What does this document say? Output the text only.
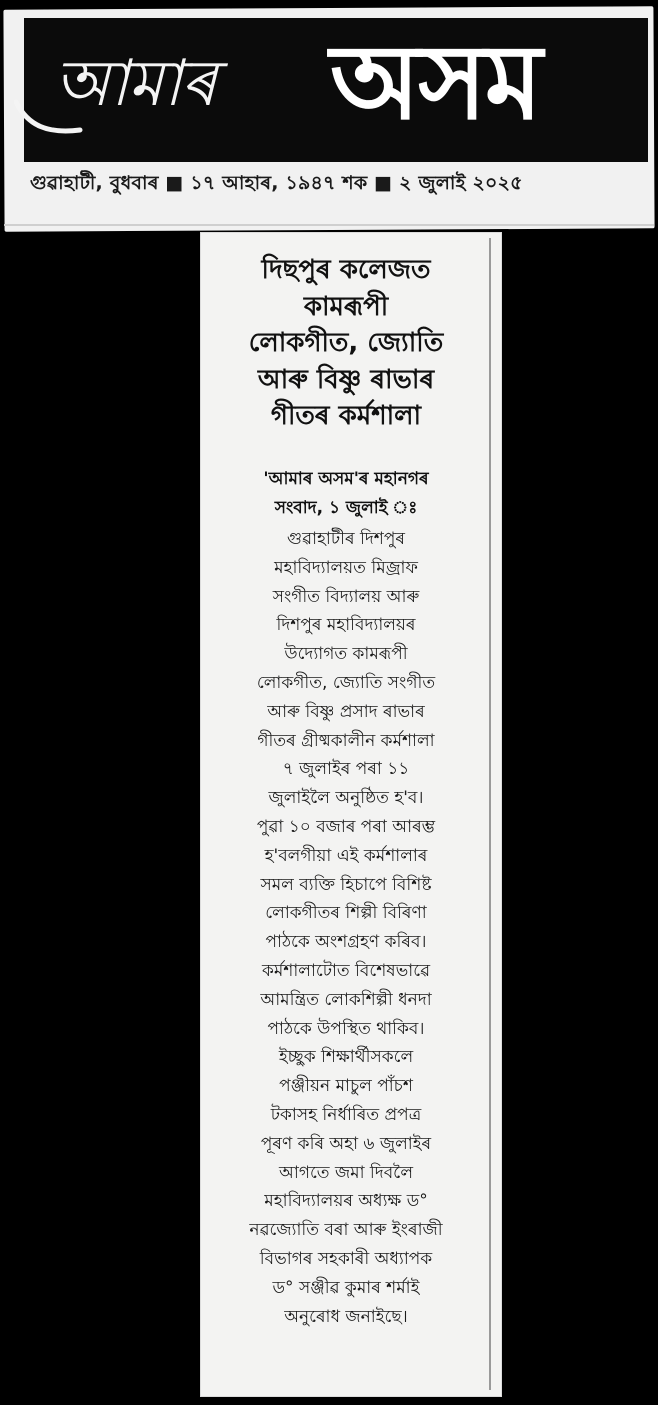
আমাৰ অসম
গুৱাহাটী, বুধবাৰ ■ ১৭ আহাৰ, ১৯৪৭ শক ■ ২ জুলাই ২০২৫
দিছপুৰ কলেজত
কামৰূপী
লোকগীত, জ্যোতি
আৰু বিষ্ণু ৰাভাৰ
গীতৰ কৰ্মশালা
'আমাৰ অসম'ৰ মহানগৰ
সংবাদ, ১ জুলাই ঃ
গুৱাহাটীৰ দিশপুৰ
মহাবিদ্যালয়ত মিজ্ৰাফ
সংগীত বিদ্যালয় আৰু
দিশপুৰ মহাবিদ্যালয়ৰ
উদ্যোগত কামৰূপী
লোকগীত, জ্যোতি সংগীত
আৰু বিষ্ণু প্ৰসাদ ৰাভাৰ
গীতৰ গ্ৰীষ্মকালীন কৰ্মশালা
৭ জুলাইৰ পৰা ১১
জুলাইলৈ অনুষ্ঠিত হ'ব।
পুৱা ১০ বজাৰ পৰা আৰম্ভ
হ'বলগীয়া এই কৰ্মশালাৰ
সমল ব্যক্তি হিচাপে বিশিষ্ট
লোকগীতৰ শিল্পী বিৰিণা
পাঠকে অংশগ্ৰহণ কৰিব।
কৰ্মশালাটোত বিশেষভাৱে
আমন্ত্ৰিত লোকশিল্পী ধনদা
পাঠকে উপস্থিত থাকিব।
ইচ্ছুক শিক্ষাৰ্থীসকলে
পঞ্জীয়ন মাচুল পাঁচশ
টকাসহ নিৰ্ধাৰিত প্ৰপত্ৰ
পূৰণ কৰি অহা ৬ জুলাইৰ
আগতে জমা দিবলৈ
মহাবিদ্যালয়ৰ অধ্যক্ষ ড°
নৱজ্যোতি বৰা আৰু ইংৰাজী
বিভাগৰ সহকাৰী অধ্যাপক
ড° সঞ্জীৱ কুমাৰ শৰ্মাই
অনুৰোধ জনাইছে।
